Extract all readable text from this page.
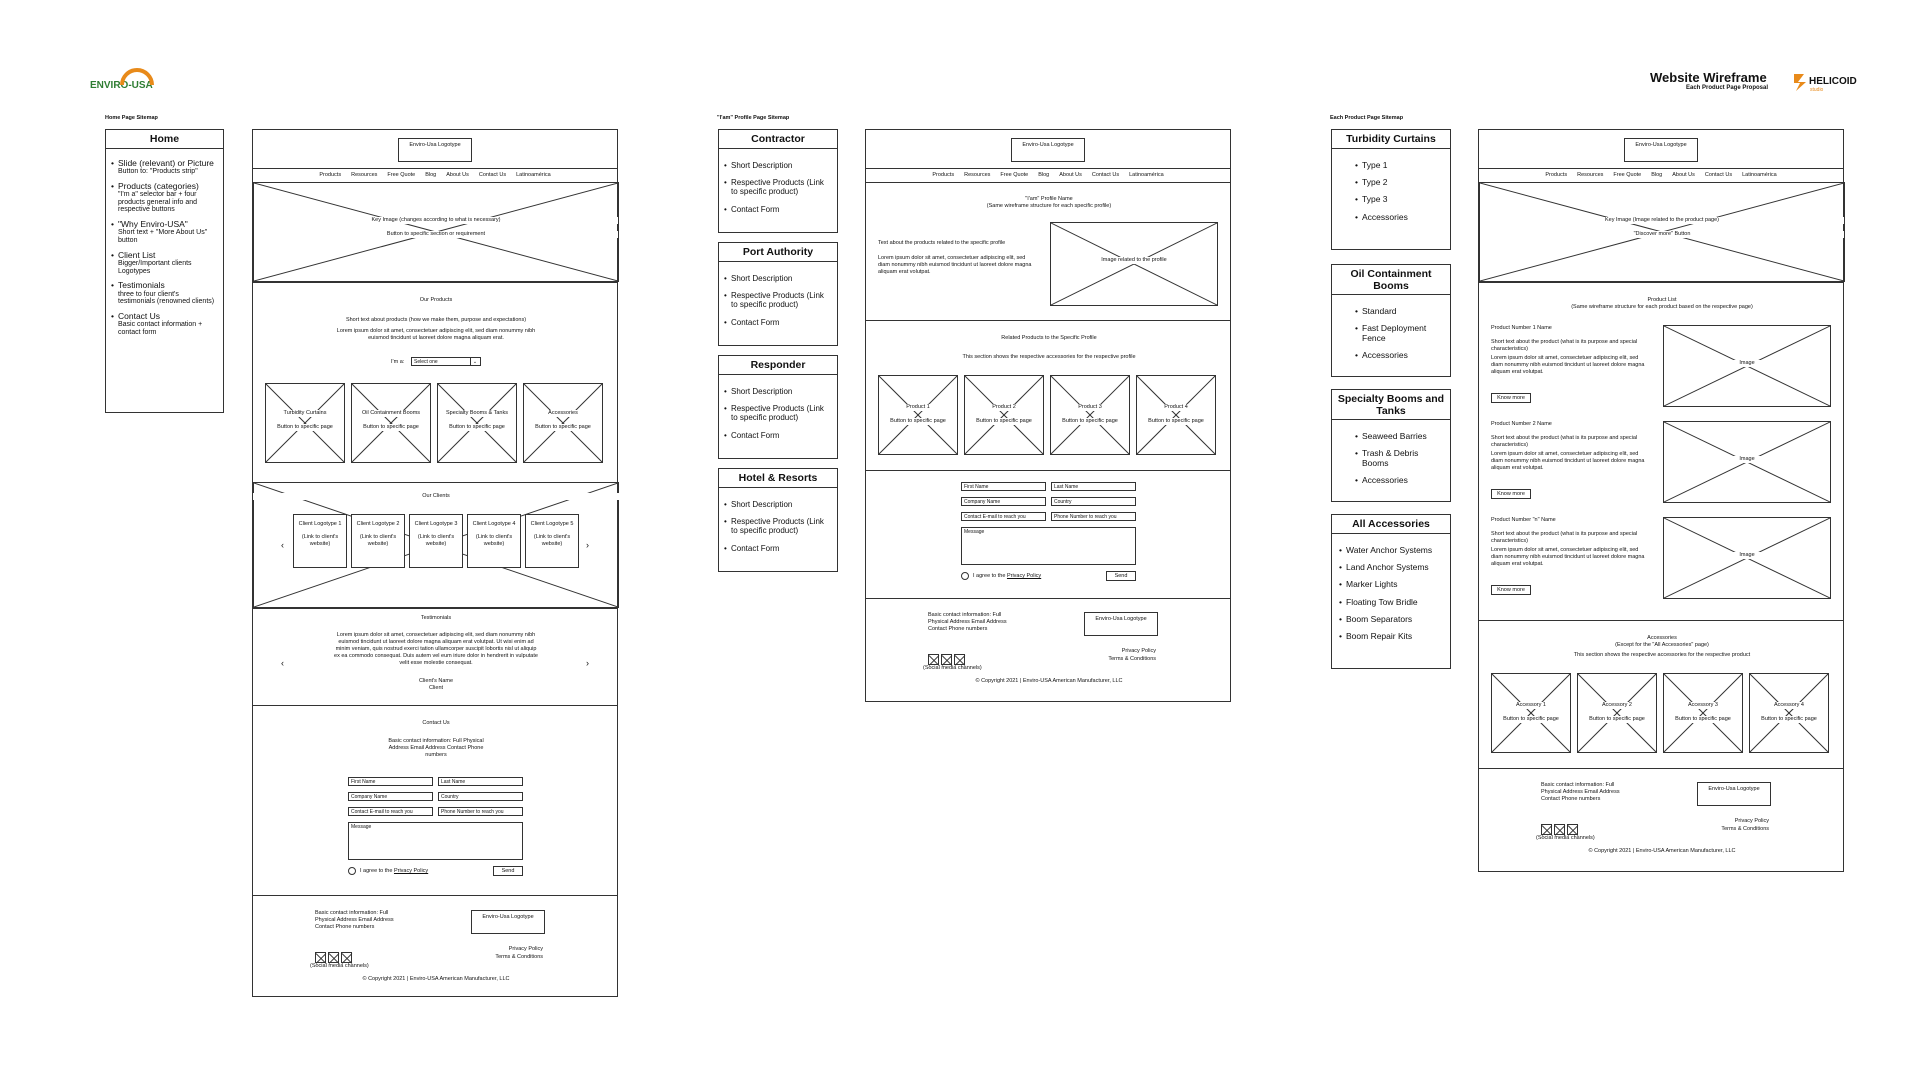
ENVIRO-USA
Website Wireframe
Each Product Page Proposal
HELICOID
studio
Home Page Sitemap	"I'am" Profile Page Sitemap	Each Product Page Sitemap
Home
• Slide (relevant) or Picture
Button to: "Products strip"
• Products (categories)
"I'm a" selector bar + four products general info and respective buttons
• "Why Enviro-USA"
Short text + "More About Us" button
• Client List
Bigger/Important clients Logotypes
• Testimonials
three to four client's testimonials (renowned clients)
• Contact Us
Basic contact information + contact form
Contractor
• Short Description
• Respective Products (Link to specific product)
• Contact Form
Port Authority
• Short Description
• Respective Products (Link to specific product)
• Contact Form
Responder
• Short Description
• Respective Products (Link to specific product)
• Contact Form
Hotel & Resorts
• Short Description
• Respective Products (Link to specific product)
• Contact Form
Turbidity Curtains
• Type 1
• Type 2
• Type 3
• Accessories
Oil Containment Booms
• Standard
• Fast Deployment Fence
• Accessories
Specialty Booms and Tanks
• Seaweed Barries
• Trash & Debris Booms
• Accessories
All Accessories
• Water Anchor Systems
• Land Anchor Systems
• Marker Lights
• Floating Tow Bridle
• Boom Separators
• Boom Repair Kits
Enviro-Usa Logotype
Products Resources Free Quote Blog About Us Contact Us Latinoamérica
Key Image (changes according to what is necessary)
Button to specific section or requirement
Our Products
Short text about products (how we make them, purpose and expectations)
Lorem ipsum dolor sit amet, consectetuer adipiscing elit, sed diam nonummy nibh euismod tincidunt ut laoreet dolore magna aliquam erat.
I'm a:	Select one	⌄
Turbidity Curtains
Button to specific page
Oil Containment Booms
Button to specific page
Specialty Booms & Tanks
Button to specific page
Accessories
Button to specific page
Our Clients
‹	›
Client Logotype 1
(Link to client's website)
Client Logotype 2
(Link to client's website)
Client Logotype 3
(Link to client's website)
Client Logotype 4
(Link to client's website)
Client Logotype 5
(Link to client's website)
Testimonials
Lorem ipsum dolor sit amet, consectetuer adipiscing elit, sed diam nonummy nibh euismod tincidunt ut laoreet dolore magna aliquam erat volutpat. Ut wisi enim ad minim veniam, quis nostrud exerci tation ullamcorper suscipit lobortis nisl ut aliquip ex ea commodo consequat. Duis autem vel eum iriure dolor in hendrerit in vulputate velit esse molestie consequat.
Client's Name
Client
‹	›
Contact Us
Basic contact information: Full Physical Address Email Address Contact Phone numbers
First Name	Last Name
Company Name	Country
Contact E-mail to reach you	Phone Number to reach you
Message
I agree to the Privacy Policy	Send
Basic contact information: Full Physical Address Email Address Contact Phone numbers
Enviro-Usa Logotype
(Social media channels)
Privacy Policy
Terms & Conditions
© Copyright 2021 | Enviro-USA American Manufacturer, LLC
Enviro-Usa Logotype
Products Resources Free Quote Blog About Us Contact Us Latinoamérica
"I'am" Profile Name
(Same wireframe structure for each specific profile)
Text about the products related to the specific profile
Lorem ipsum dolor sit amet, consectetuer adipiscing elit, sed diam nonummy nibh euismod tincidunt ut laoreet dolore magna aliquam erat volutpat.
Image related to the profile
Related Products to the Specific Profile
This section shows the respective accessories for the respective profile
Product 1
Button to specific page
Product 2
Button to specific page
Product 3
Button to specific page
Product 4
Button to specific page
First Name	Last Name
Company Name	Country
Contact E-mail to reach you	Phone Number to reach you
Message
I agree to the Privacy Policy	Send
Basic contact information: Full Physical Address Email Address Contact Phone numbers
Enviro-Usa Logotype
(Social media channels)
Privacy Policy
Terms & Conditions
© Copyright 2021 | Enviro-USA American Manufacturer, LLC
Enviro-Usa Logotype
Products Resources Free Quote Blog About Us Contact Us Latinoamérica
Key Image (Image related to the product page)
"Discover more" Button
Product List
(Same wireframe structure for each product based on the respective page)
Product Number 1 Name
Short text about the product (what is its purpose and special characteristics)
Lorem ipsum dolor sit amet, consectetuer adipiscing elit, sed diam nonummy nibh euismod tincidunt ut laoreet dolore magna aliquam erat volutpat.
Know more
Image
Product Number 2 Name
Short text about the product (what is its purpose and special characteristics)
Lorem ipsum dolor sit amet, consectetuer adipiscing elit, sed diam nonummy nibh euismod tincidunt ut laoreet dolore magna aliquam erat volutpat.
Know more
Image
Product Number "n" Name
Short text about the product (what is its purpose and special characteristics)
Lorem ipsum dolor sit amet, consectetuer adipiscing elit, sed diam nonummy nibh euismod tincidunt ut laoreet dolore magna aliquam erat volutpat.
Know more
Image
Accessories
(Except for the "All Accessories" page)
This section shows the respective accessories for the respective product
Accessory 1
Button to specific page
Accessory 2
Button to specific page
Accessory 3
Button to specific page
Accessory 4
Button to specific page
Basic contact information: Full Physical Address Email Address Contact Phone numbers
Enviro-Usa Logotype
(Social media channels)
Privacy Policy
Terms & Conditions
© Copyright 2021 | Enviro-USA American Manufacturer, LLC
